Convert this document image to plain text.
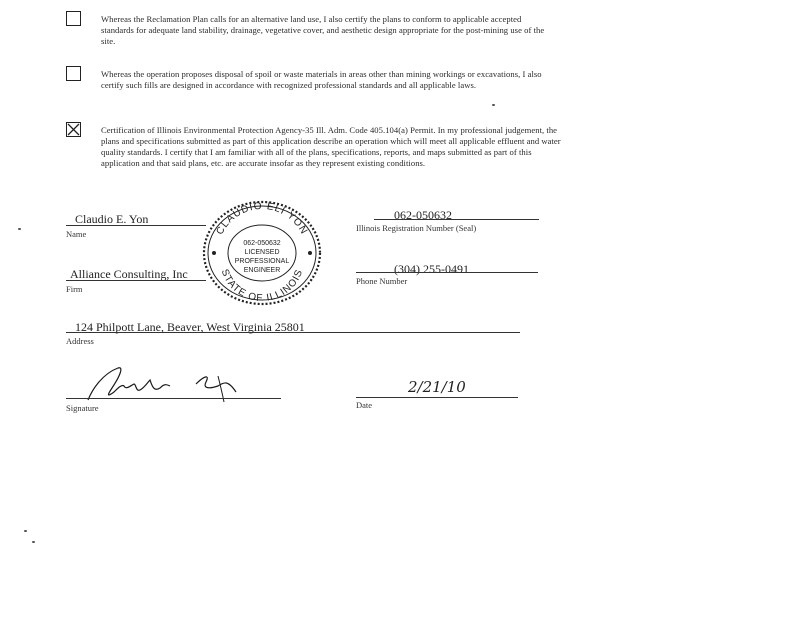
Whereas the Reclamation Plan calls for an alternative land use, I also certify the plans to conform to applicable accepted standards for adequate land stability, drainage, vegetative cover, and aesthetic design appropriate for the post-mining use of the site.
Whereas the operation proposes disposal of spoil or waste materials in areas other than mining workings or excavations, I also certify such fills are designed in accordance with recognized professional standards and all applicable laws.
Certification of Illinois Environmental Protection Agency-35 Ill. Adm. Code 405.104(a) Permit. In my professional judgement, the plans and specifications submitted as part of this application describe an operation which will meet all applicable effluent and water quality standards. I certify that I am familiar with all of the plans, specifications, reports, and maps submitted as part of this application and that said plans, etc. are accurate insofar as they represent existing conditions.
Claudio E. Yon
Name
062-050632
Illinois Registration Number (Seal)
Alliance Consulting, Inc
Firm
(304) 255-0491
Phone Number
124 Philpott Lane, Beaver, West Virginia 25801
Address
Signature
2/21/10
Date
CLAUDIO ELI YON
STATE OF ILLINOIS
062-050632
LICENSED
PROFESSIONAL
ENGINEER
